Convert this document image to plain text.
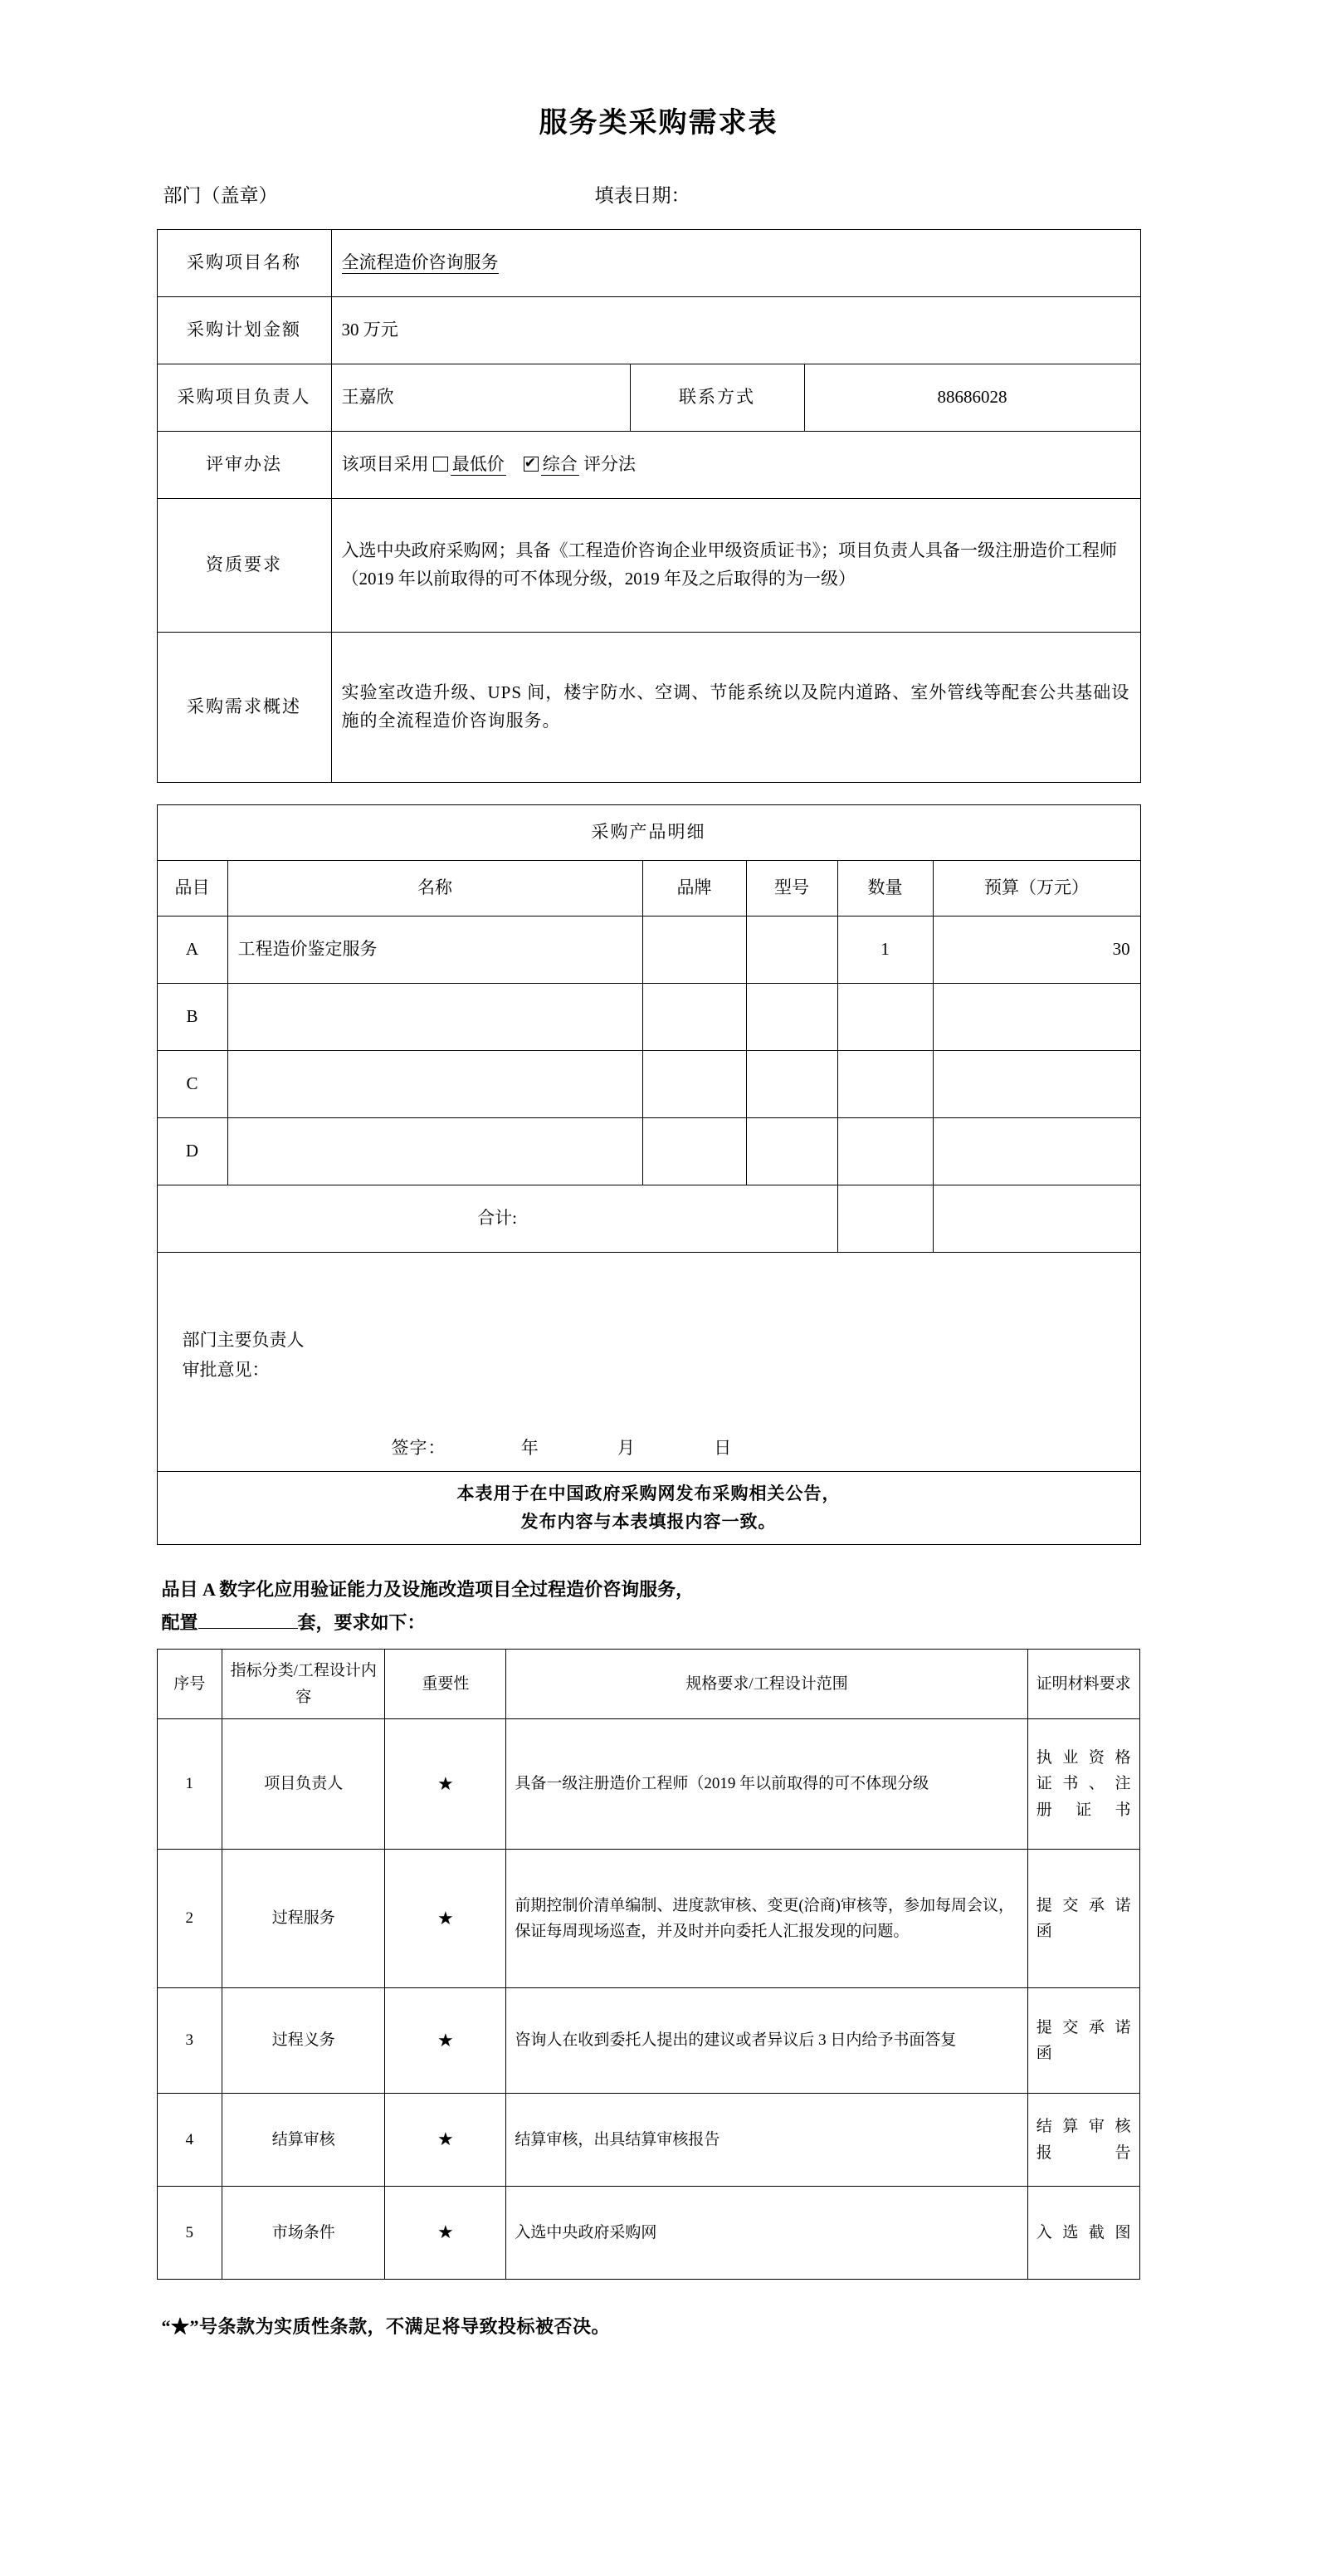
服务类采购需求表
部门（盖章）	填表日期：
采购项目名称	全流程造价咨询服务		
采购计划金额	30 万元		
采购项目负责人	王嘉欣	联系方式	88686028
评审办法	该项目采用 最低价 ✔ 综合 评分法
资质要求	入选中央政府采购网；具备《工程造价咨询企业甲级资质证书》；项目负责人具备一级注册造价工程师（2019 年以前取得的可不体现分级，2019 年及之后取得的为一级）		
采购需求概述	实验室改造升级、UPS 间，楼宇防水、空调、节能系统以及院内道路、室外管线等配套公共基础设施的全流程造价咨询服务。		
采购产品明细					
品目	名称	品牌	型号	数量	预算（万元）
A	工程造价鉴定服务			1	30
B					
C					
D					
合计:					

部门主要负责人
审批意见：
签字： 年 月 日					

本表用于在中国政府采购网发布采购相关公告，
发布内容与本表填报内容一致。					
品目 A 数字化应用验证能力及设施改造项目全过程造价咨询服务，
配置	套，要求如下：
序号	指标分类/工程设计内容	重要性	规格要求/工程设计范围	证明材料要求
1	项目负责人	★	具备一级注册造价工程师（2019 年以前取得的可不体现分级	执 业 资 格 证 书 、 注 册 证 书
2	过程服务	★	前期控制价清单编制、进度款审核、变更(洽商)审核等，参加每周会议，保证每周现场巡查，并及时并向委托人汇报发现的问题。	提 交 承 诺 函
3	过程义务	★	咨询人在收到委托人提出的建议或者异议后 3 日内给予书面答复	提 交 承 诺 函
4	结算审核	★	结算审核，出具结算审核报告	结 算 审 核 报 告
5	市场条件	★	入选中央政府采购网	入 选 截 图
“★”号条款为实质性条款，不满足将导致投标被否决。
